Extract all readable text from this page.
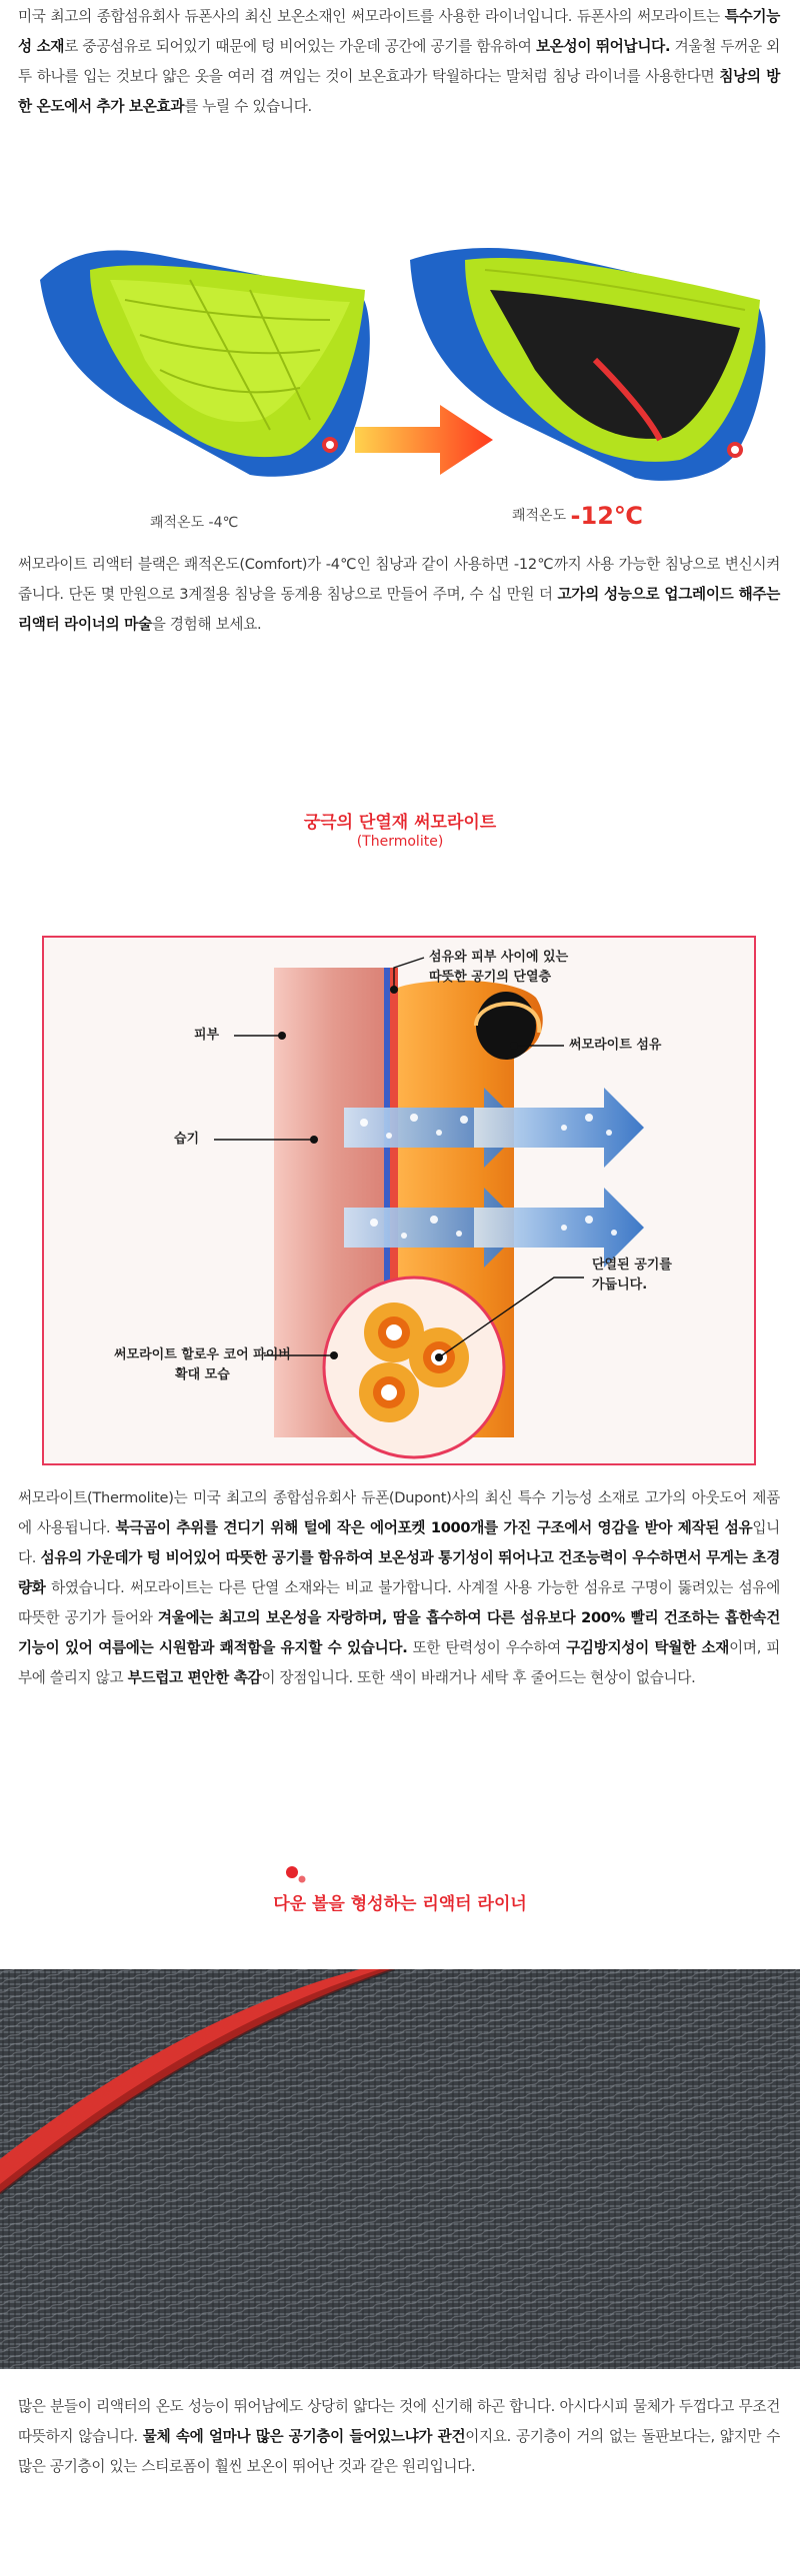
미국 최고의 종합섬유회사 듀폰사의 최신 보온소재인 써모라이트를 사용한 라이너입니다. 듀폰사의 써모라이트는 특수기능성 소재로 중공섬유로 되어있기 때문에 텅 비어있는 가운데 공간에 공기를 함유하여 보온성이 뛰어납니다. 겨울철 두꺼운 외투 하나를 입는 것보다 얇은 옷을 여러 겹 껴입는 것이 보온효과가 탁월하다는 말처럼 침낭 라이너를 사용한다면 침낭의 방한 온도에서 추가 보온효과를 누릴 수 있습니다.
쾌적온도 -4℃	쾌적온도 -12℃
써모라이트 리액터 블랙은 쾌적온도(Comfort)가 -4℃인 침낭과 같이 사용하면 -12℃까지 사용 가능한 침낭으로 변신시켜줍니다. 단돈 몇 만원으로 3계절용 침낭을 동계용 침낭으로 만들어 주며, 수 십 만원 더 고가의 성능으로 업그레이드 해주는 리액터 라이너의 마술을 경험해 보세요.
궁극의 단열재 써모라이트
(Thermolite)
섬유와 피부 사이에 있는
따뜻한 공기의 단열층
피부
써모라이트 섬유
습기
단열된 공기를
가둡니다.
써모라이트 할로우 코어 파이버
확대 모습
써모라이트(Thermolite)는 미국 최고의 종합섬유회사 듀폰(Dupont)사의 최신 특수 기능성 소재로 고가의 아웃도어 제품에 사용됩니다. 북극곰이 추위를 견디기 위해 털에 작은 에어포켓 1000개를 가진 구조에서 영감을 받아 제작된 섬유입니다. 섬유의 가운데가 텅 비어있어 따뜻한 공기를 함유하여 보온성과 통기성이 뛰어나고 건조능력이 우수하면서 무게는 초경량화 하였습니다. 써모라이트는 다른 단열 소재와는 비교 불가합니다. 사계절 사용 가능한 섬유로 구명이 뚫려있는 섬유에 따뜻한 공기가 들어와 겨울에는 최고의 보온성을 자랑하며, 땀을 흡수하여 다른 섬유보다 200% 빨리 건조하는 흡한속건 기능이 있어 여름에는 시원함과 쾌적함을 유지할 수 있습니다. 또한 탄력성이 우수하여 구김방지성이 탁월한 소재이며, 피부에 쓸리지 않고 부드럽고 편안한 촉감이 장점입니다. 또한 색이 바래거나 세탁 후 줄어드는 현상이 없습니다.
다운 볼을 형성하는 리액터 라이너
많은 분들이 리액터의 온도 성능이 뛰어남에도 상당히 얇다는 것에 신기해 하곤 합니다. 아시다시피 물체가 두껍다고 무조건 따뜻하지 않습니다. 물체 속에 얼마나 많은 공기층이 들어있느냐가 관건이지요. 공기층이 거의 없는 돌판보다는, 얇지만 수많은 공기층이 있는 스티로폼이 훨씬 보온이 뛰어난 것과 같은 원리입니다.
